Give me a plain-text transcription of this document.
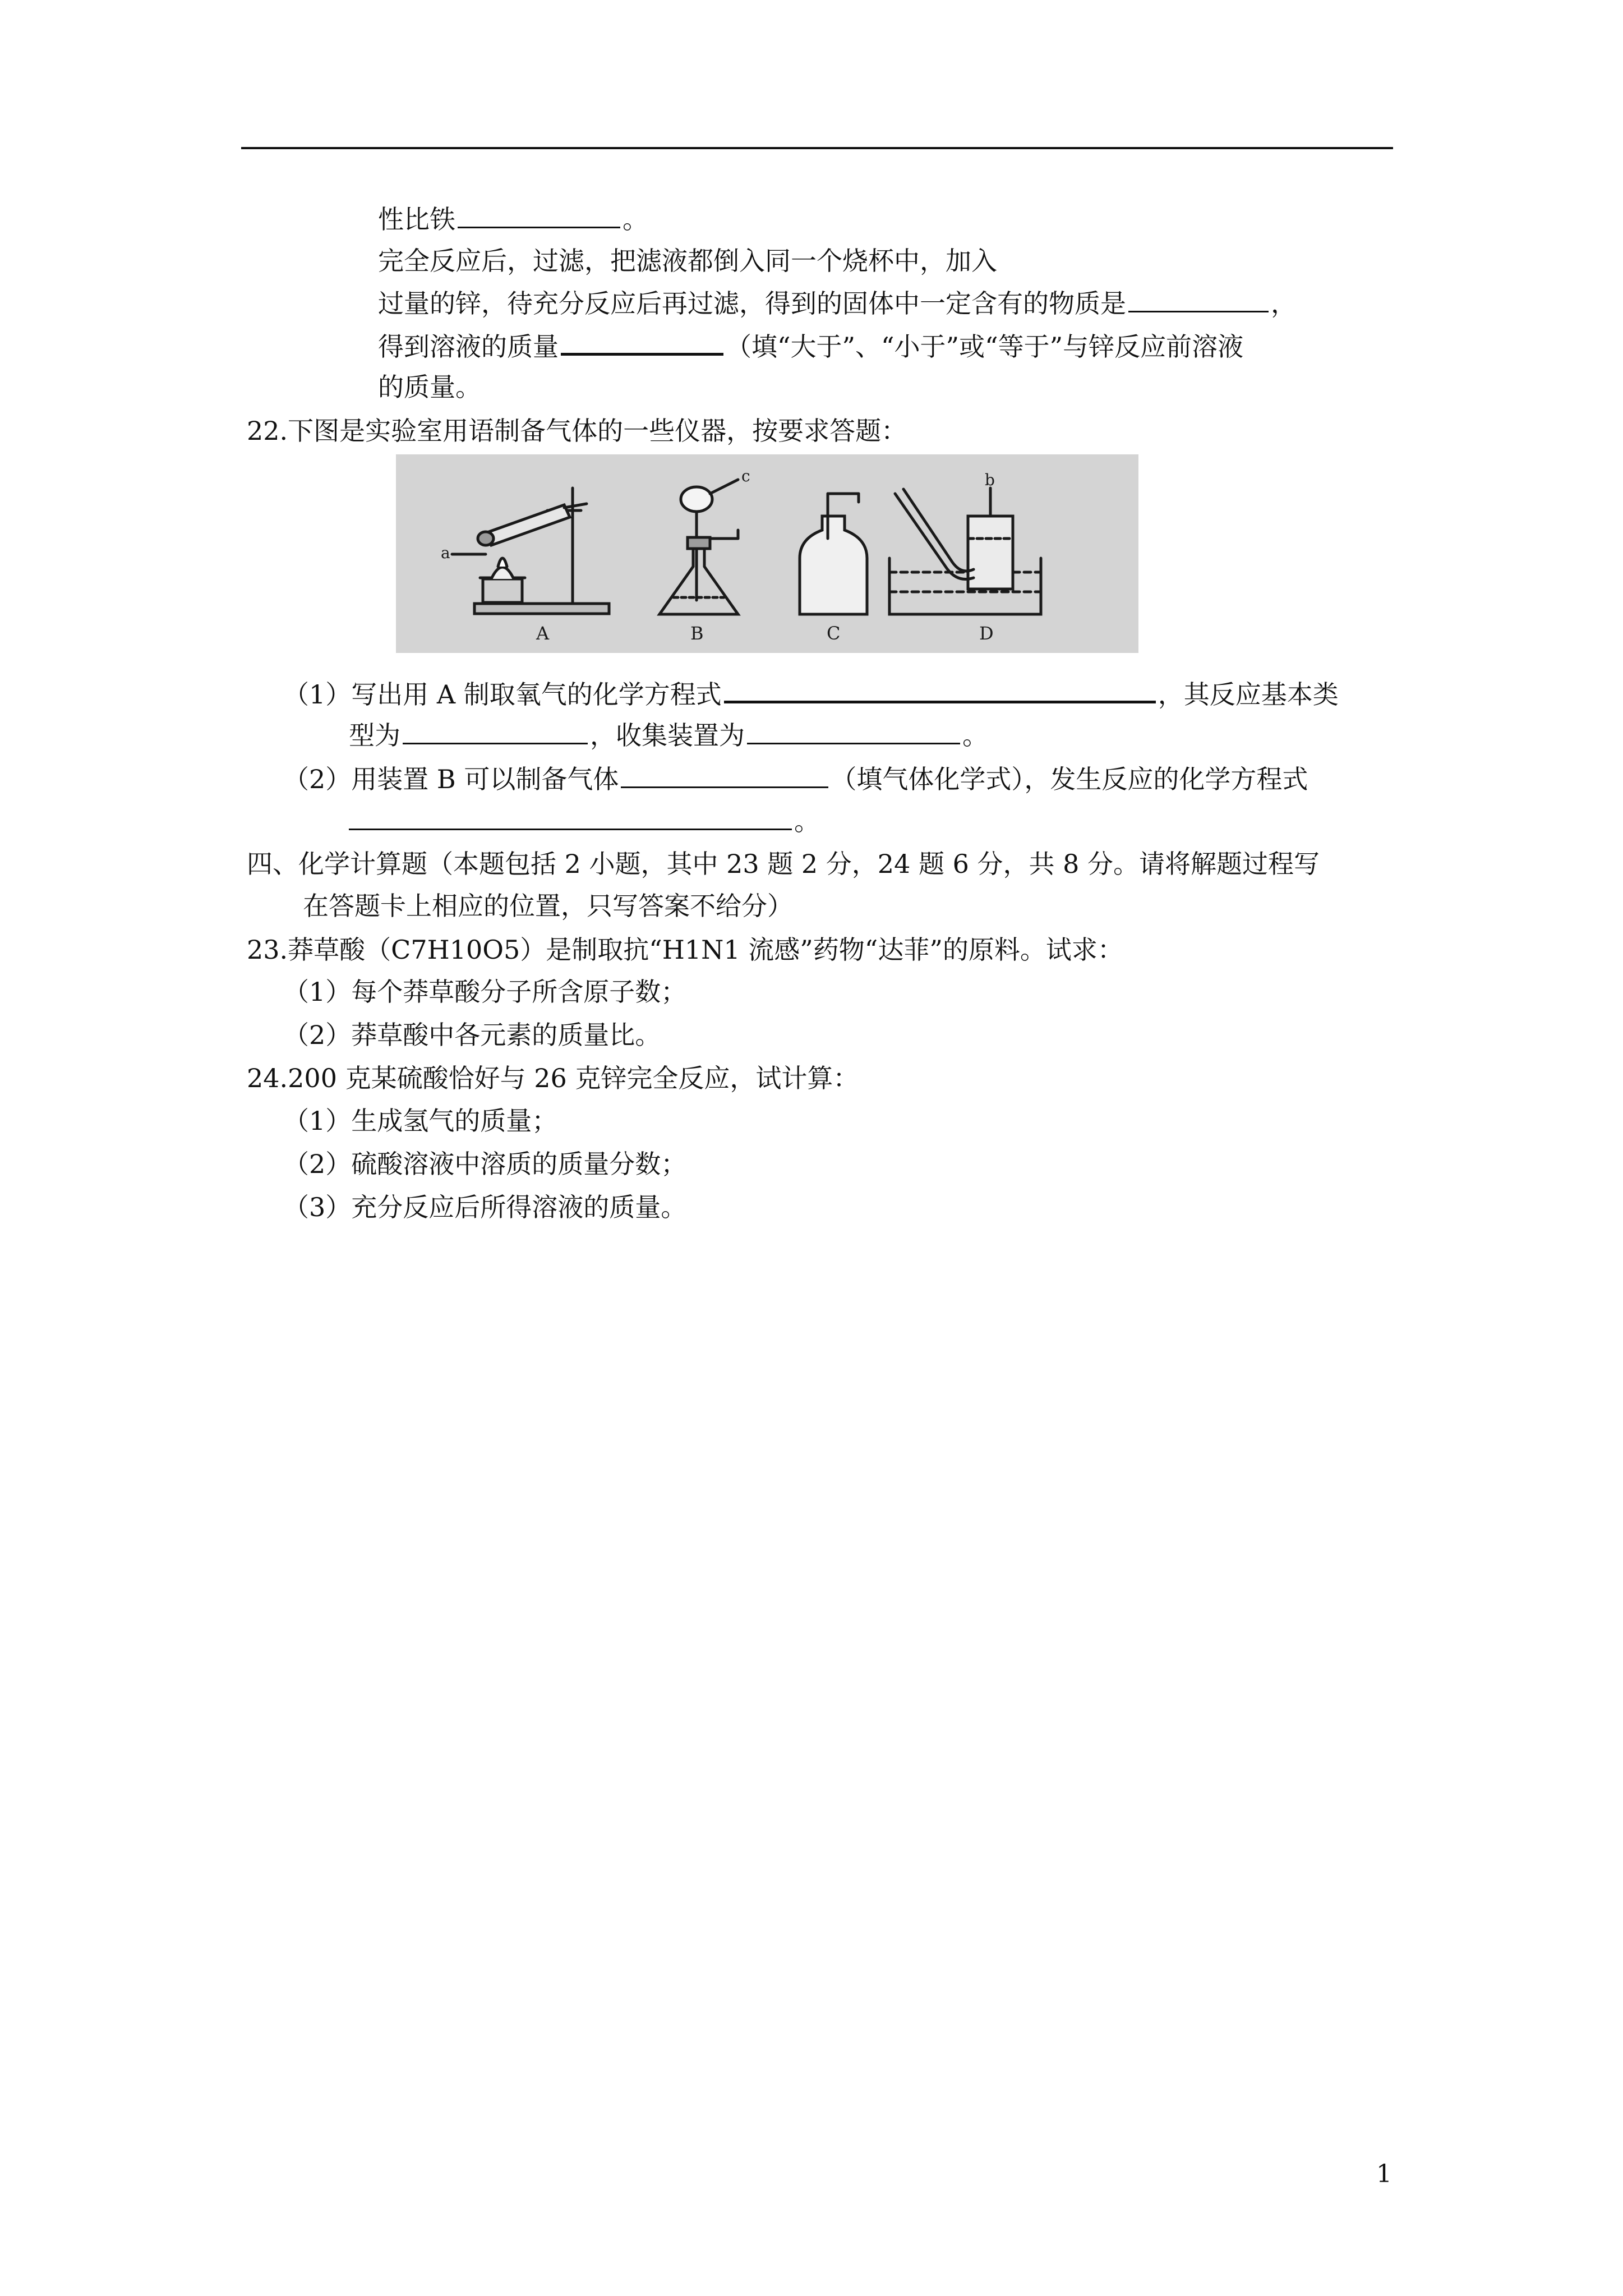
性比铁	。
完全反应后，过滤，把滤液都倒入同一个烧杯中，加入
过量的锌，待充分反应后再过滤，得到的固体中一定含有的物质是	，
得到溶液的质量	（填“大于”、“小于”或“等于”与锌反应前溶液
的质量。
22.下图是实验室用语制备气体的一些仪器，按要求答题：
A	B	C	D
a
b
c
（1）写出用 A 制取氧气的化学方程式	，其反应基本类
型为	，收集装置为	。
（2）用装置 B 可以制备气体	（填气体化学式），发生反应的化学方程式
。
四、化学计算题（本题包括 2 小题，其中 23 题 2 分，24 题 6 分，共 8 分。请将解题过程写
在答题卡上相应的位置，只写答案不给分）
23.莽草酸（C7H10O5）是制取抗“H1N1 流感”药物“达菲”的原料。试求：
（1）每个莽草酸分子所含原子数；
（2）莽草酸中各元素的质量比。
24.200 克某硫酸恰好与 26 克锌完全反应，试计算：
（1）生成氢气的质量；
（2）硫酸溶液中溶质的质量分数；
（3）充分反应后所得溶液的质量。
1
